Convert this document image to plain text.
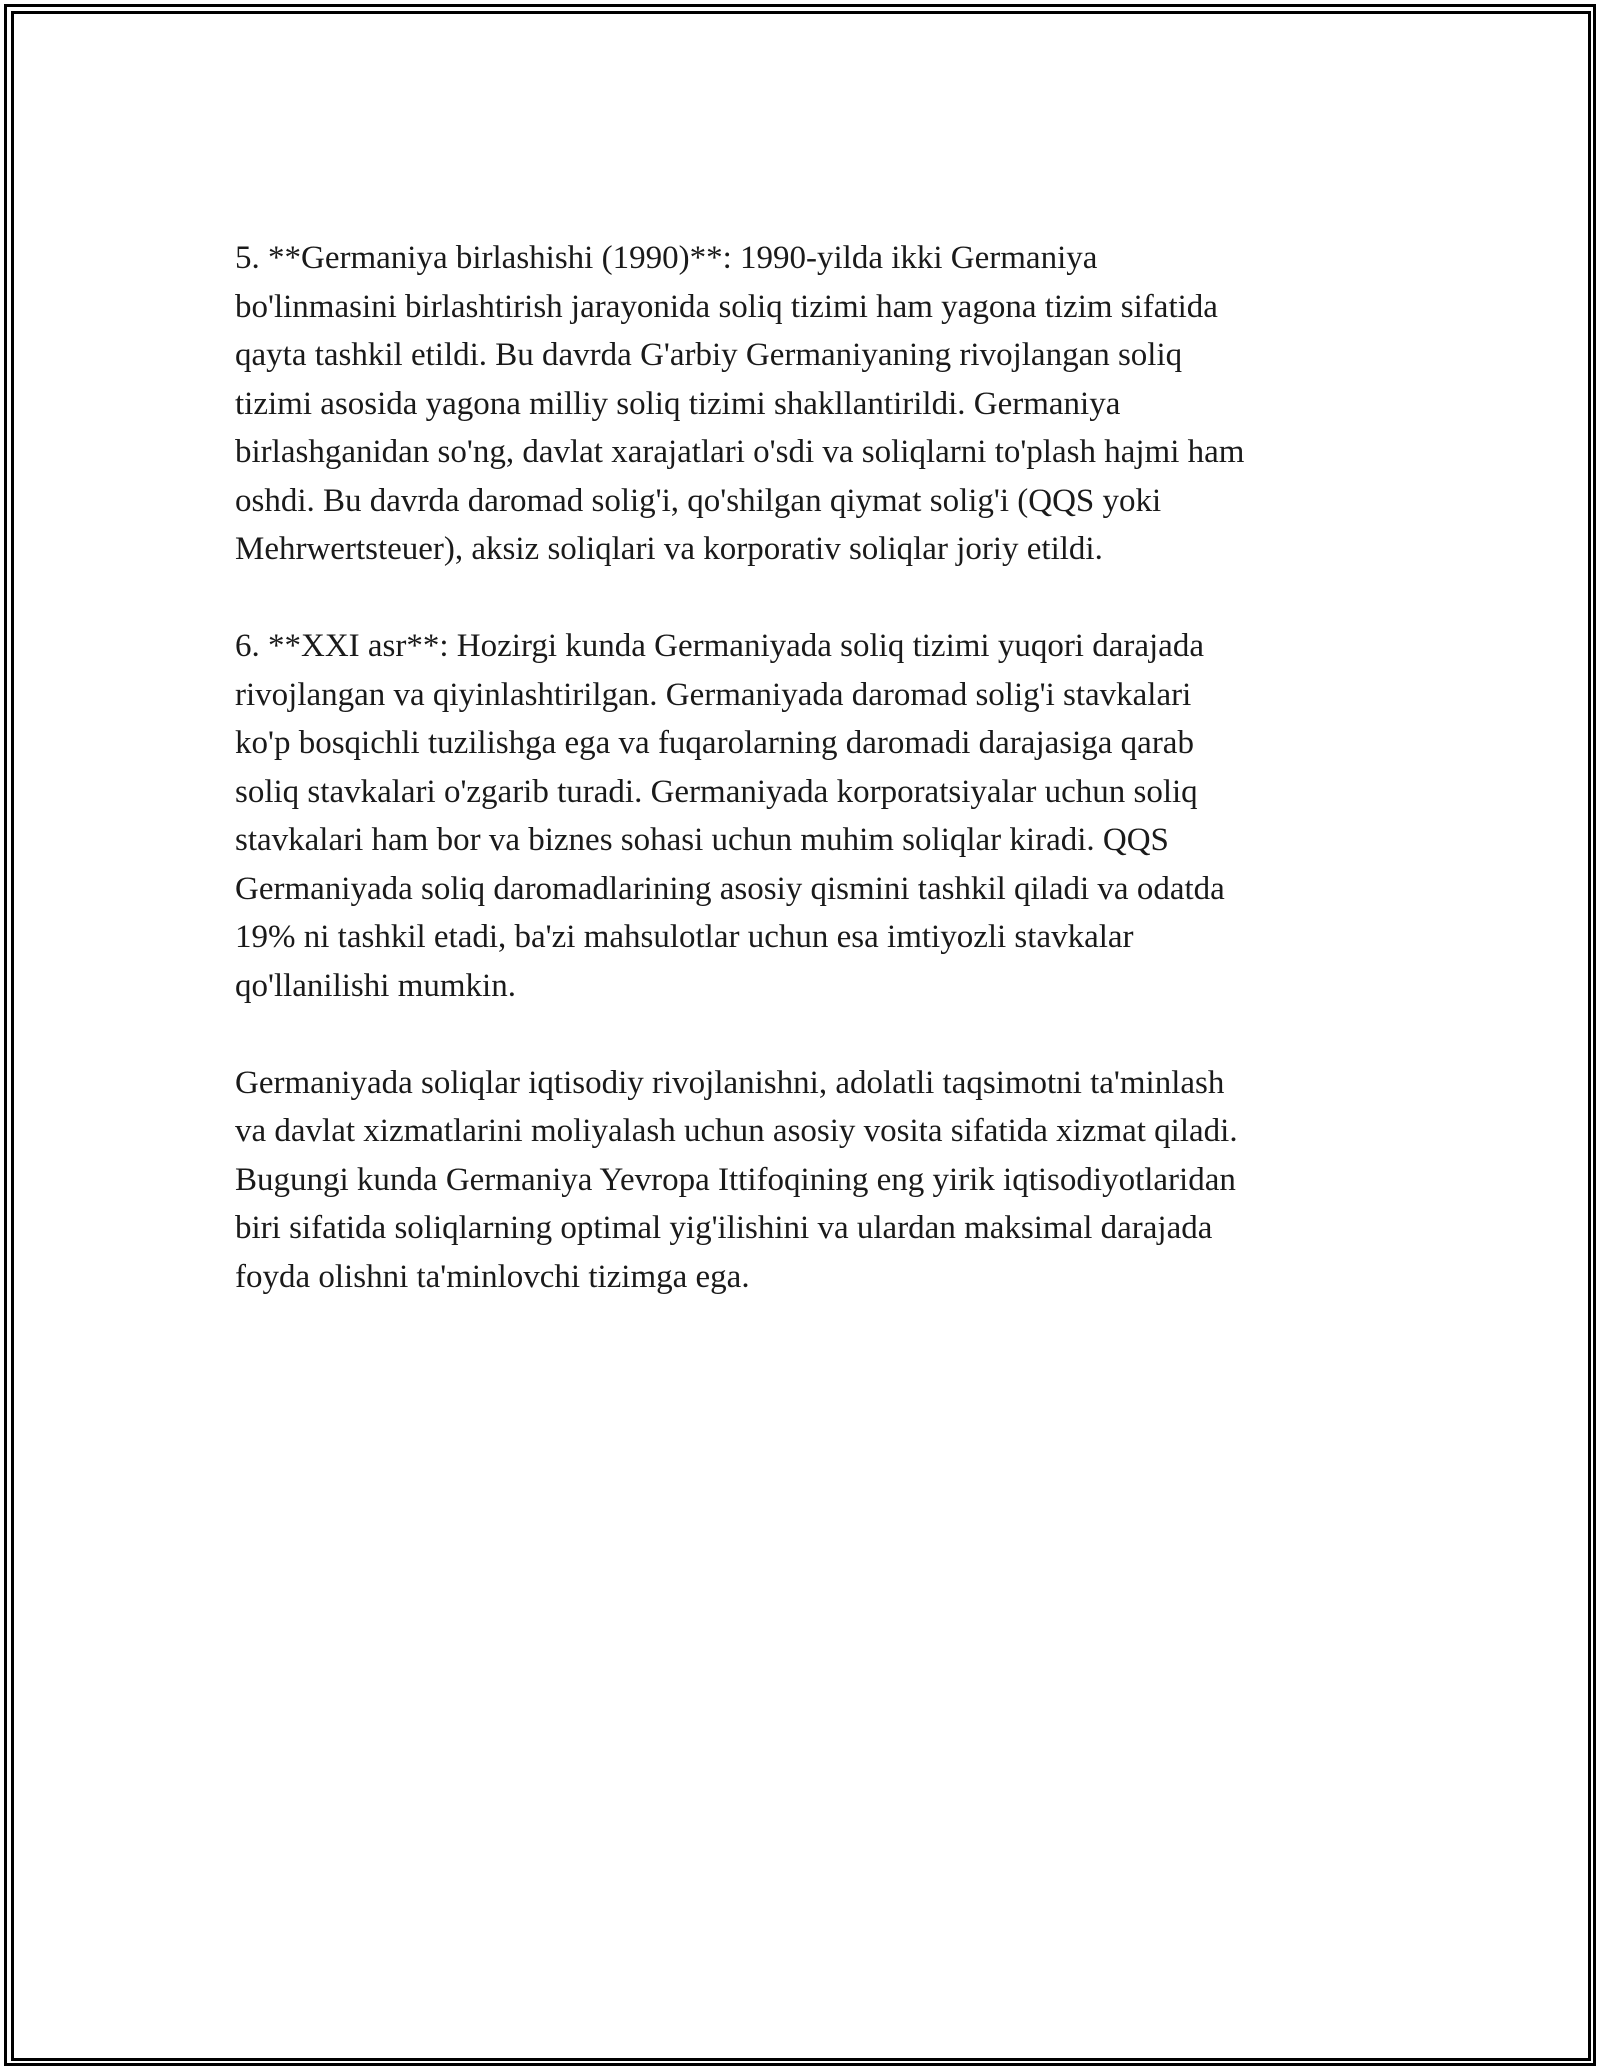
5. **Germaniya birlashishi (1990)**: 1990-yilda ikki Germaniya
bo'linmasini birlashtirish jarayonida soliq tizimi ham yagona tizim sifatida
qayta tashkil etildi. Bu davrda G'arbiy Germaniyaning rivojlangan soliq
tizimi asosida yagona milliy soliq tizimi shakllantirildi. Germaniya
birlashganidan so'ng, davlat xarajatlari o'sdi va soliqlarni to'plash hajmi ham
oshdi. Bu davrda daromad solig'i, qo'shilgan qiymat solig'i (QQS yoki
Mehrwertsteuer), aksiz soliqlari va korporativ soliqlar joriy etildi.

6. **XXI asr**: Hozirgi kunda Germaniyada soliq tizimi yuqori darajada
rivojlangan va qiyinlashtirilgan. Germaniyada daromad solig'i stavkalari
ko'p bosqichli tuzilishga ega va fuqarolarning daromadi darajasiga qarab
soliq stavkalari o'zgarib turadi. Germaniyada korporatsiyalar uchun soliq
stavkalari ham bor va biznes sohasi uchun muhim soliqlar kiradi. QQS
Germaniyada soliq daromadlarining asosiy qismini tashkil qiladi va odatda
19% ni tashkil etadi, ba'zi mahsulotlar uchun esa imtiyozli stavkalar
qo'llanilishi mumkin.

Germaniyada soliqlar iqtisodiy rivojlanishni, adolatli taqsimotni ta'minlash
va davlat xizmatlarini moliyalash uchun asosiy vosita sifatida xizmat qiladi.
Bugungi kunda Germaniya Yevropa Ittifoqining eng yirik iqtisodiyotlaridan
biri sifatida soliqlarning optimal yig'ilishini va ulardan maksimal darajada
foyda olishni ta'minlovchi tizimga ega.
